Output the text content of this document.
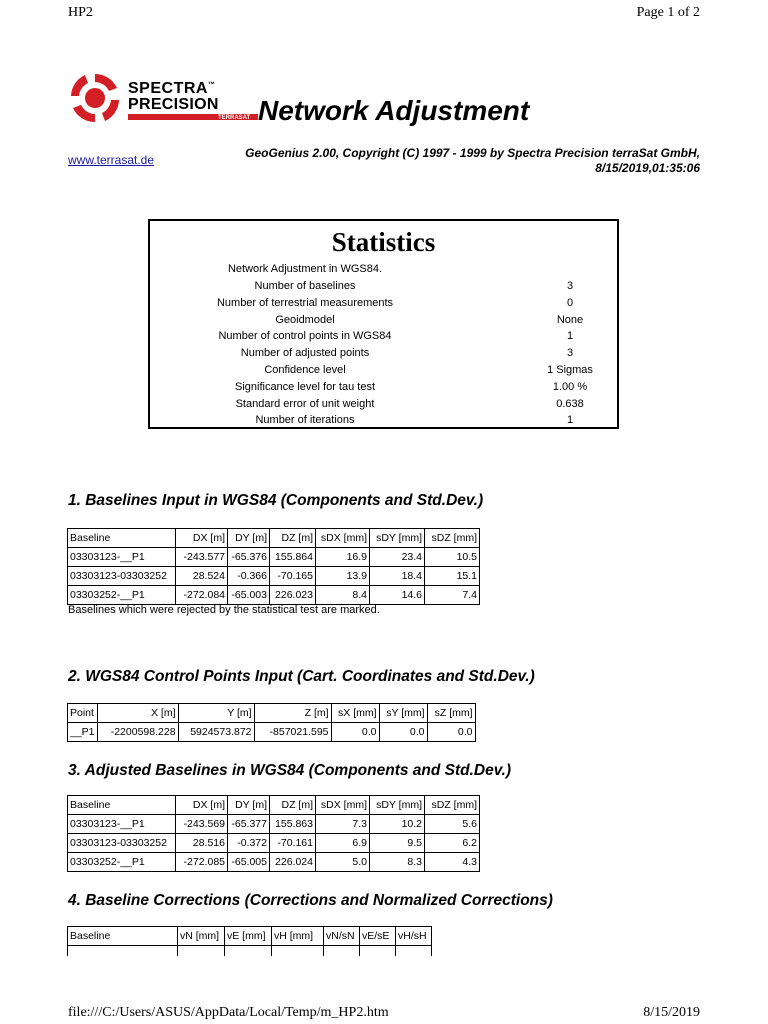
HP2	Page 1 of 2
SPECTRA™
PRECISION
TERRASAT Network Adjustment
www.terrasat.de	GeoGenius 2.00, Copyright (C) 1997 - 1999 by Spectra Precision terraSat GmbH,
8/15/2019,01:35:06
Statistics
Network Adjustment in WGS84.
Number of baselines	3
Number of terrestrial measurements	0
Geoidmodel	None
Number of control points in WGS84	1
Number of adjusted points	3
Confidence level	1 Sigmas
Significance level for tau test	1.00 %
Standard error of unit weight	0.638
Number of iterations	1
1. Baselines Input in WGS84 (Components and Std.Dev.)
Baseline	DX [m]	DY [m]	DZ [m]	sDX [mm]	sDY [mm]	sDZ [mm]
03303123-__P1	-243.577	-65.376	155.864	16.9	23.4	10.5
03303123-03303252	28.524	-0.366	-70.165	13.9	18.4	15.1
03303252-__P1	-272.084	-65.003	226.023	8.4	14.6	7.4
Baselines which were rejected by the statistical test are marked.
2. WGS84 Control Points Input (Cart. Coordinates and Std.Dev.)
Point	X [m]	Y [m]	Z [m]	sX [mm]	sY [mm]	sZ [mm]
__P1	-2200598.228	5924573.872	-857021.595	0.0	0.0	0.0
3. Adjusted Baselines in WGS84 (Components and Std.Dev.)
Baseline	DX [m]	DY [m]	DZ [m]	sDX [mm]	sDY [mm]	sDZ [mm]
03303123-__P1	-243.569	-65.377	155.863	7.3	10.2	5.6
03303123-03303252	28.516	-0.372	-70.161	6.9	9.5	6.2
03303252-__P1	-272.085	-65.005	226.024	5.0	8.3	4.3
4. Baseline Corrections (Corrections and Normalized Corrections)
Baseline	vN [mm]	vE [mm]	vH [mm]	vN/sN	vE/sE	vH/sH

file:///C:/Users/ASUS/AppData/Local/Temp/m_HP2.htm	8/15/2019
